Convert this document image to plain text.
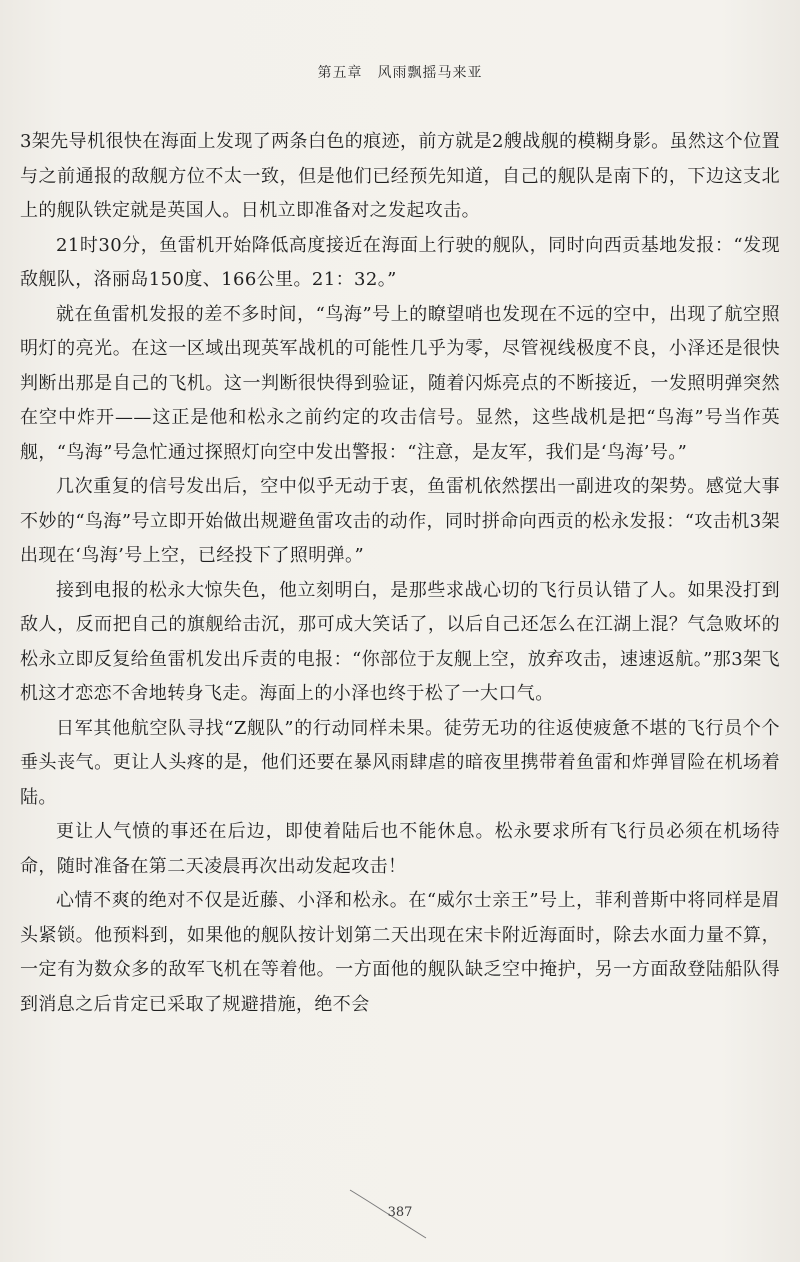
第五章　风雨飘摇马来亚

3架先导机很快在海面上发现了两条白色的痕迹，前方就是2艘战舰的模糊身影。虽然这个位置与之前通报的敌舰方位不太一致，但是他们已经预先知道，自己的舰队是南下的，下边这支北上的舰队铁定就是英国人。日机立即准备对之发起攻击。

21时30分，鱼雷机开始降低高度接近在海面上行驶的舰队，同时向西贡基地发报：“发现敌舰队，洛丽岛150度、166公里。21：32。”

就在鱼雷机发报的差不多时间，“鸟海”号上的瞭望哨也发现在不远的空中，出现了航空照明灯的亮光。在这一区域出现英军战机的可能性几乎为零，尽管视线极度不良，小泽还是很快判断出那是自己的飞机。这一判断很快得到验证，随着闪烁亮点的不断接近，一发照明弹突然在空中炸开——这正是他和松永之前约定的攻击信号。显然，这些战机是把“鸟海”号当作英舰，“鸟海”号急忙通过探照灯向空中发出警报：“注意，是友军，我们是‘鸟海’号。”

几次重复的信号发出后，空中似乎无动于衷，鱼雷机依然摆出一副进攻的架势。感觉大事不妙的“鸟海”号立即开始做出规避鱼雷攻击的动作，同时拼命向西贡的松永发报：“攻击机3架出现在‘鸟海’号上空，已经投下了照明弹。”

接到电报的松永大惊失色，他立刻明白，是那些求战心切的飞行员认错了人。如果没打到敌人，反而把自己的旗舰给击沉，那可成大笑话了，以后自己还怎么在江湖上混？气急败坏的松永立即反复给鱼雷机发出斥责的电报：“你部位于友舰上空，放弃攻击，速速返航。”那3架飞机这才恋恋不舍地转身飞走。海面上的小泽也终于松了一大口气。

日军其他航空队寻找“Z舰队”的行动同样未果。徒劳无功的往返使疲惫不堪的飞行员个个垂头丧气。更让人头疼的是，他们还要在暴风雨肆虐的暗夜里携带着鱼雷和炸弹冒险在机场着陆。

更让人气愤的事还在后边，即使着陆后也不能休息。松永要求所有飞行员必须在机场待命，随时准备在第二天凌晨再次出动发起攻击！

心情不爽的绝对不仅是近藤、小泽和松永。在“威尔士亲王”号上，菲利普斯中将同样是眉头紧锁。他预料到，如果他的舰队按计划第二天出现在宋卡附近海面时，除去水面力量不算，一定有为数众多的敌军飞机在等着他。一方面他的舰队缺乏空中掩护，另一方面敌登陆船队得到消息之后肯定已采取了规避措施，绝不会

387
